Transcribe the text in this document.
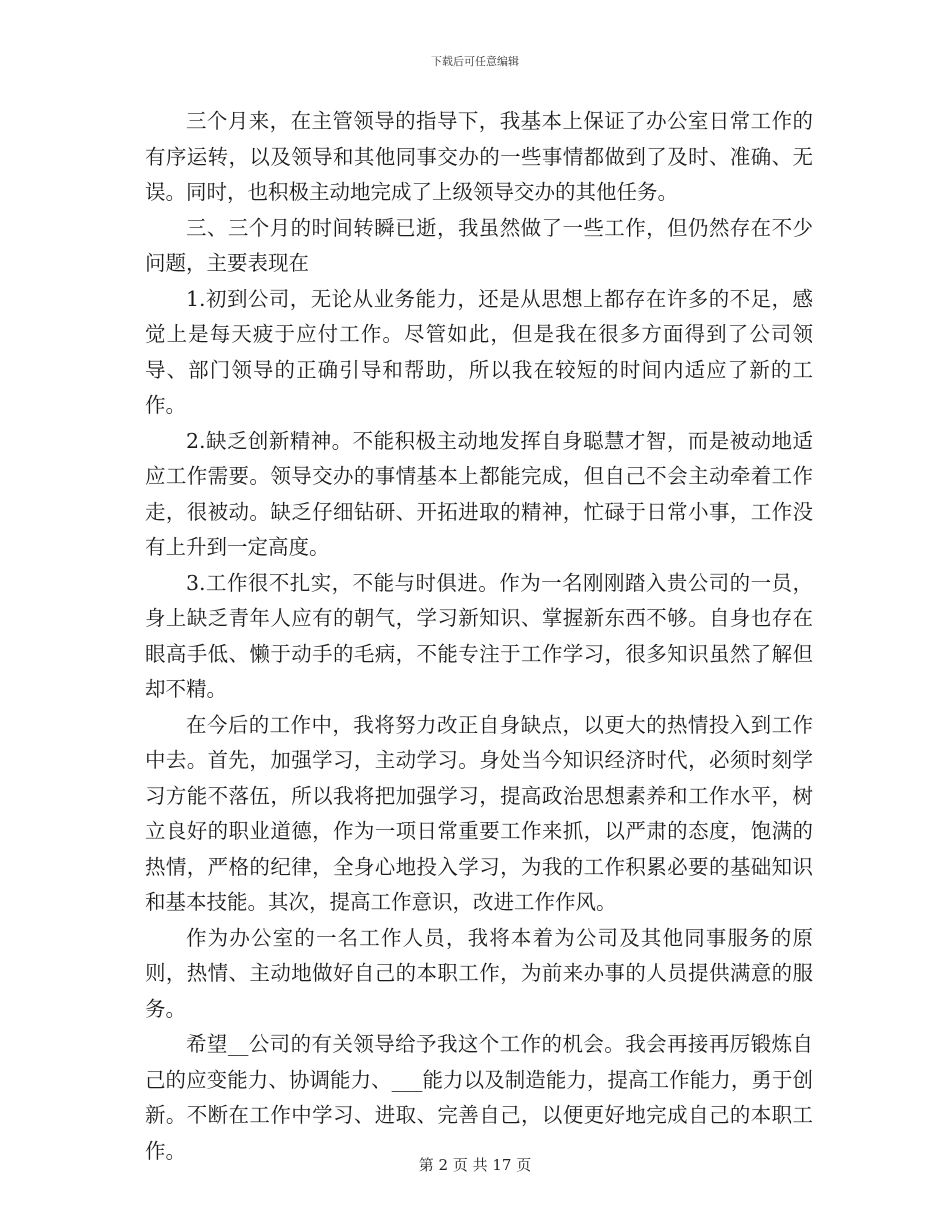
下载后可任意编辑

三个月来，在主管领导的指导下，我基本上保证了办公室日常工作的有序运转，以及领导和其他同事交办的一些事情都做到了及时、准确、无误。同时，也积极主动地完成了上级领导交办的其他任务。

三、三个月的时间转瞬已逝，我虽然做了一些工作，但仍然存在不少问题，主要表现在

1.初到公司，无论从业务能力，还是从思想上都存在许多的不足，感觉上是每天疲于应付工作。尽管如此，但是我在很多方面得到了公司领导、部门领导的正确引导和帮助，所以我在较短的时间内适应了新的工作。

2.缺乏创新精神。不能积极主动地发挥自身聪慧才智，而是被动地适应工作需要。领导交办的事情基本上都能完成，但自己不会主动牵着工作走，很被动。缺乏仔细钻研、开拓进取的精神，忙碌于日常小事，工作没有上升到一定高度。

3.工作很不扎实，不能与时俱进。作为一名刚刚踏入贵公司的一员，身上缺乏青年人应有的朝气，学习新知识、掌握新东西不够。自身也存在眼高手低、懒于动手的毛病，不能专注于工作学习，很多知识虽然了解但却不精。

在今后的工作中，我将努力改正自身缺点，以更大的热情投入到工作中去。首先，加强学习，主动学习。身处当今知识经济时代，必须时刻学习方能不落伍，所以我将把加强学习，提高政治思想素养和工作水平，树立良好的职业道德，作为一项日常重要工作来抓，以严肃的态度，饱满的热情，严格的纪律，全身心地投入学习，为我的工作积累必要的基础知识和基本技能。其次，提高工作意识，改进工作作风。

作为办公室的一名工作人员，我将本着为公司及其他同事服务的原则，热情、主动地做好自己的本职工作，为前来办事的人员提供满意的服务。

希望__公司的有关领导给予我这个工作的机会。我会再接再厉锻炼自己的应变能力、协调能力、___能力以及制造能力，提高工作能力，勇于创新。不断在工作中学习、进取、完善自己，以便更好地完成自己的本职工作。

第 2 页 共 17 页
